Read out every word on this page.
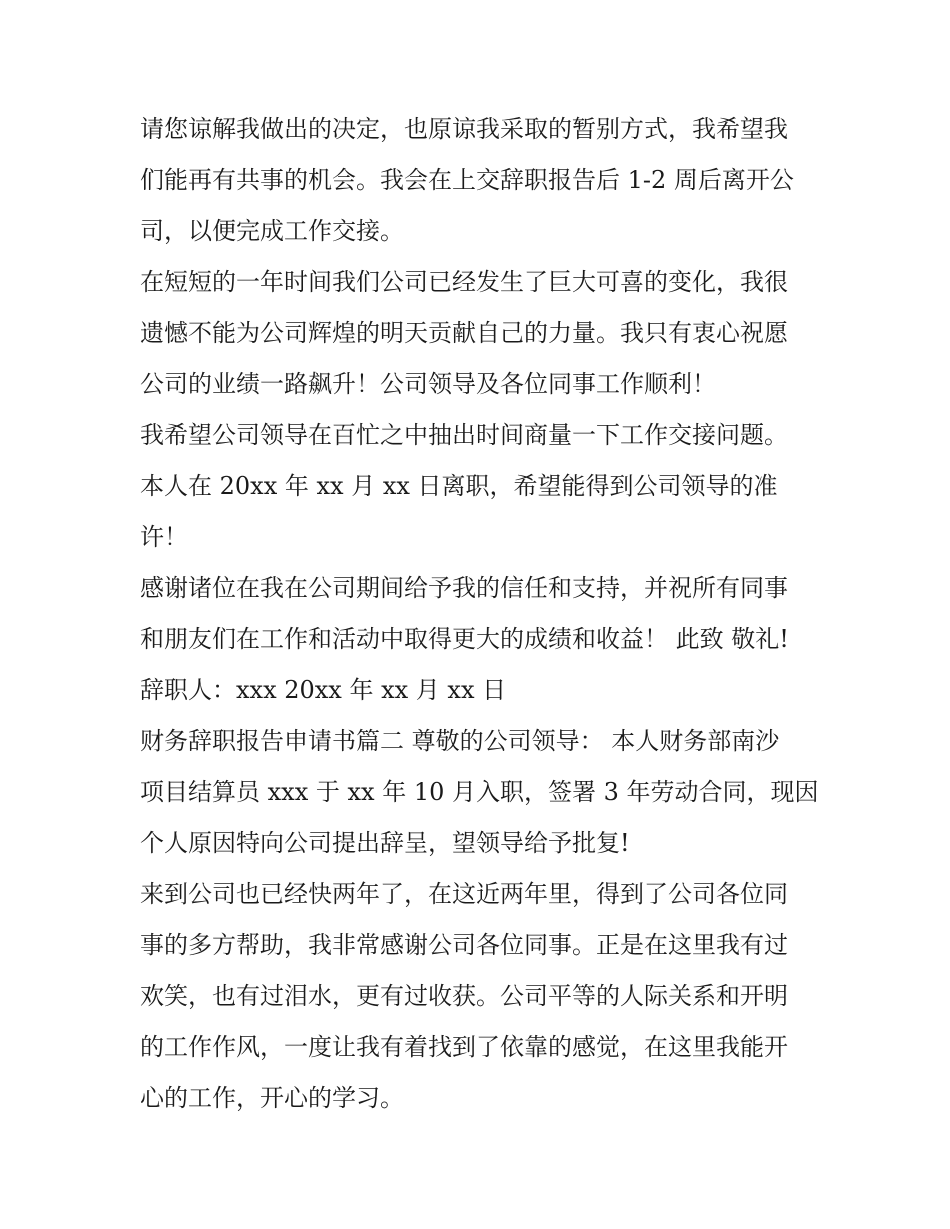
请您谅解我做出的决定，也原谅我采取的暂别方式，我希望我
们能再有共事的机会。我会在上交辞职报告后 1-2 周后离开公
司，以便完成工作交接。
在短短的一年时间我们公司已经发生了巨大可喜的变化，我很
遗憾不能为公司辉煌的明天贡献自己的力量。我只有衷心祝愿
公司的业绩一路飙升！公司领导及各位同事工作顺利！
我希望公司领导在百忙之中抽出时间商量一下工作交接问题。
本人在 20xx 年 xx 月 xx 日离职，希望能得到公司领导的准
许！
感谢诸位在我在公司期间给予我的信任和支持，并祝所有同事
和朋友们在工作和活动中取得更大的成绩和收益！ 此致 敬礼!
辞职人：xxx 20xx 年 xx 月 xx 日
财务辞职报告申请书篇二 尊敬的公司领导： 本人财务部南沙
项目结算员 xxx 于 xx 年 10 月入职，签署 3 年劳动合同，现因
个人原因特向公司提出辞呈，望领导给予批复!
来到公司也已经快两年了，在这近两年里，得到了公司各位同
事的多方帮助，我非常感谢公司各位同事。正是在这里我有过
欢笑，也有过泪水，更有过收获。公司平等的人际关系和开明
的工作作风，一度让我有着找到了依靠的感觉，在这里我能开
心的工作，开心的学习。
